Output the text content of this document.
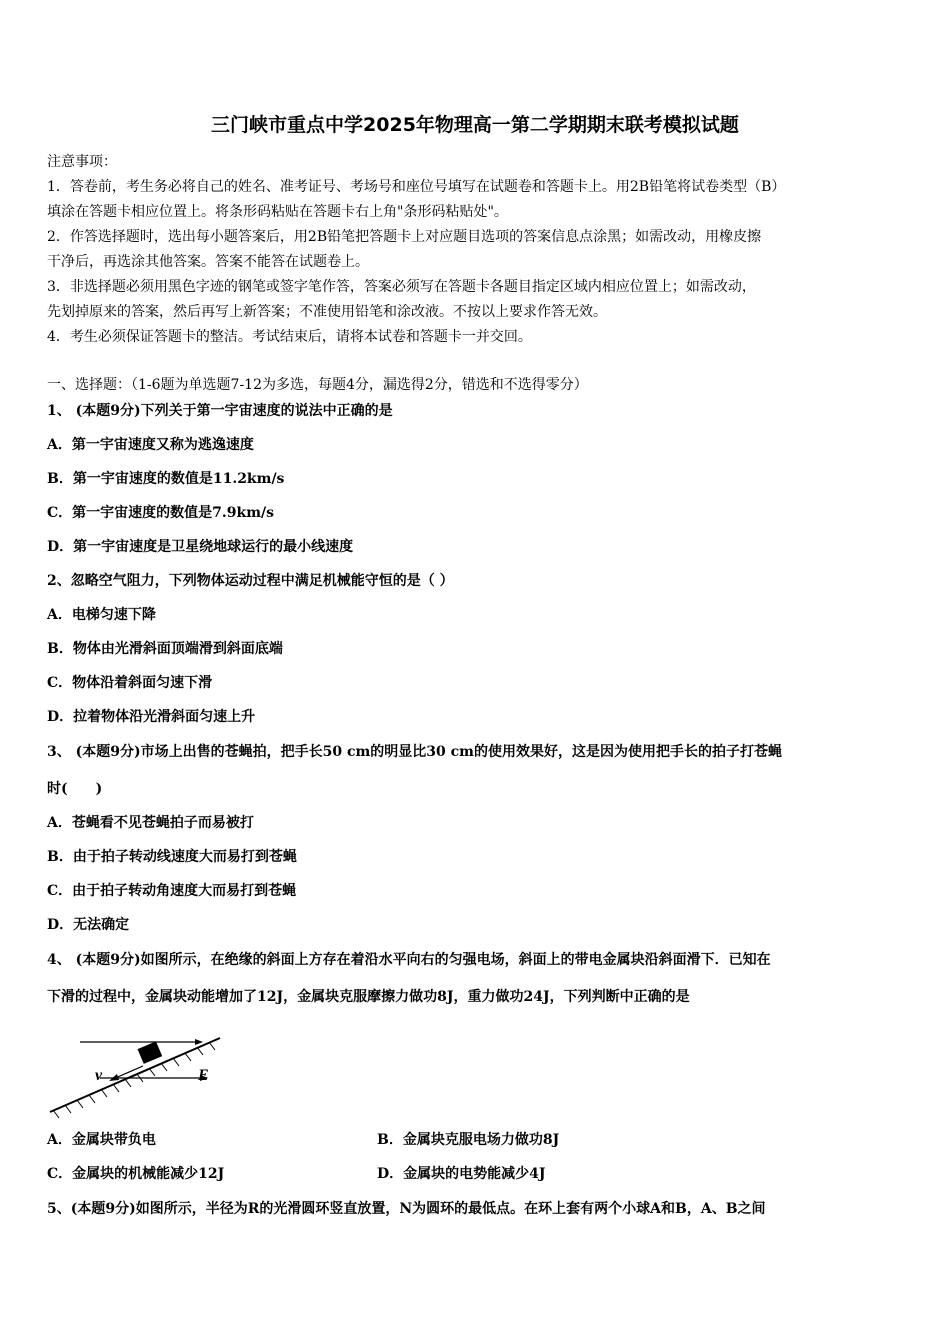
三门峡市重点中学2025年物理高一第二学期期末联考模拟试题
注意事项：
1．答卷前，考生务必将自己的姓名、准考证号、考场号和座位号填写在试题卷和答题卡上。用2B铅笔将试卷类型（B）
填涂在答题卡相应位置上。将条形码粘贴在答题卡右上角"条形码粘贴处"。
2．作答选择题时，选出每小题答案后，用2B铅笔把答题卡上对应题目选项的答案信息点涂黑；如需改动，用橡皮擦
干净后，再选涂其他答案。答案不能答在试题卷上。
3．非选择题必须用黑色字迹的钢笔或签字笔作答，答案必须写在答题卡各题目指定区域内相应位置上；如需改动，
先划掉原来的答案，然后再写上新答案；不准使用铅笔和涂改液。不按以上要求作答无效。
4．考生必须保证答题卡的整洁。考试结束后，请将本试卷和答题卡一并交回。
一、选择题：（1-6题为单选题7-12为多选，每题4分，漏选得2分，错选和不选得零分）
1、 (本题9分)下列关于第一宇宙速度的说法中正确的是
A．第一宇宙速度又称为逃逸速度
B．第一宇宙速度的数值是11.2km/s
C．第一宇宙速度的数值是7.9km/s
D．第一宇宙速度是卫星绕地球运行的最小线速度
2、忽略空气阻力，下列物体运动过程中满足机械能守恒的是（ ）
A．电梯匀速下降
B．物体由光滑斜面顶端滑到斜面底端
C．物体沿着斜面匀速下滑
D．拉着物体沿光滑斜面匀速上升
3、 (本题9分)市场上出售的苍蝇拍，把手长50 cm的明显比30 cm的使用效果好，这是因为使用把手长的拍子打苍蝇
时(　　)
A．苍蝇看不见苍蝇拍子而易被打
B．由于拍子转动线速度大而易打到苍蝇
C．由于拍子转动角速度大而易打到苍蝇
D．无法确定
4、 (本题9分)如图所示，在绝缘的斜面上方存在着沿水平向右的匀强电场，斜面上的带电金属块沿斜面滑下．已知在
下滑的过程中，金属块动能增加了12J，金属块克服摩擦力做功8J，重力做功24J，下列判断中正确的是
v	E
A．金属块带负电	B．金属块克服电场力做功8J
C．金属块的机械能减少12J	D．金属块的电势能减少4J
5、(本题9分)如图所示，半径为R的光滑圆环竖直放置，N为圆环的最低点。在环上套有两个小球A和B，A、B之间
